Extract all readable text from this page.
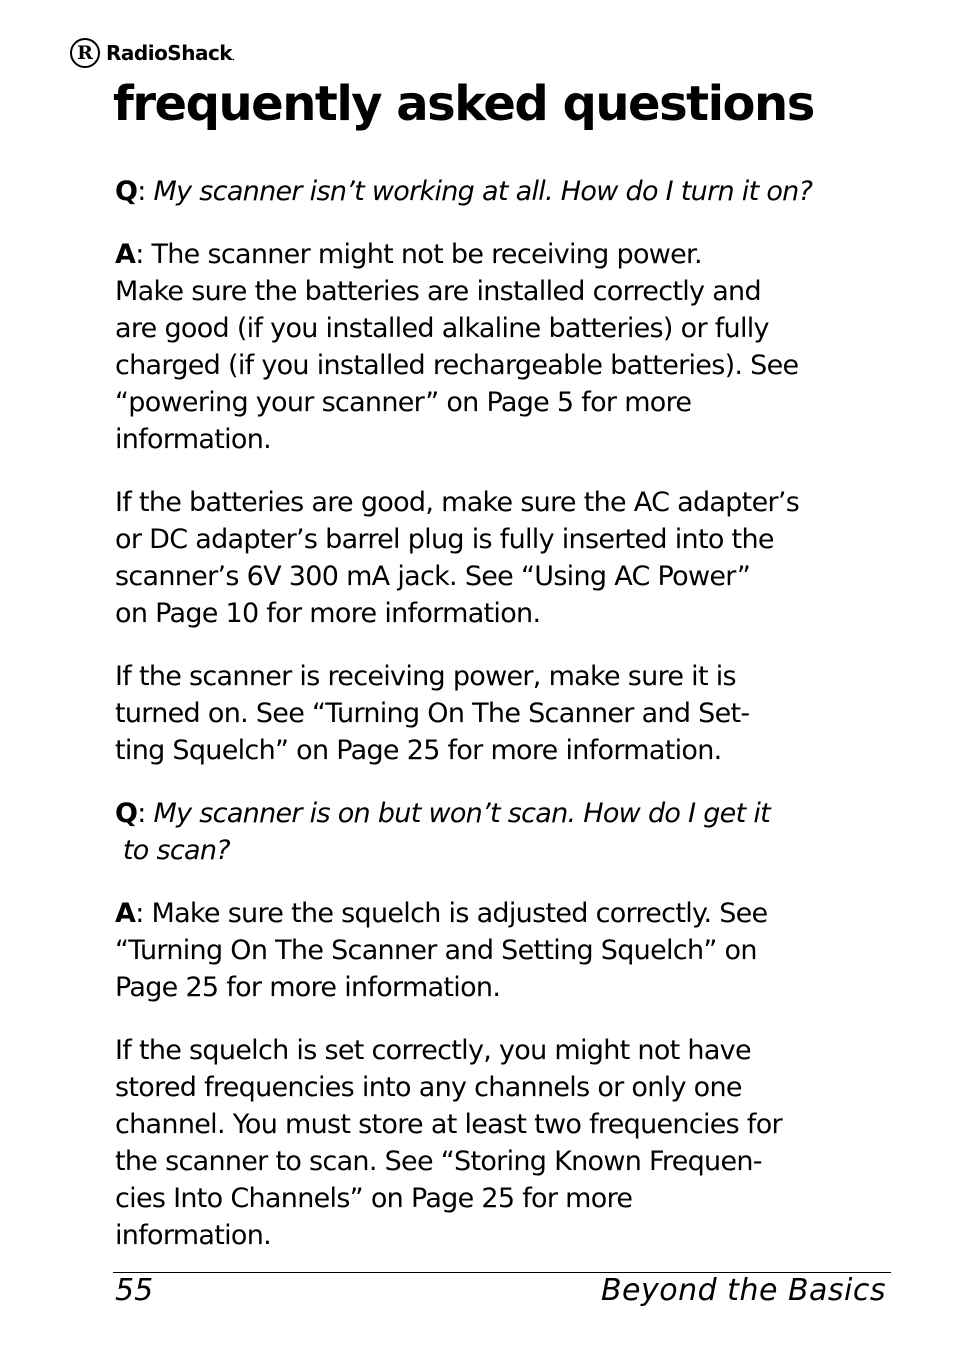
R RadioShack.
frequently asked questions

Q: My scanner isn’t working at all. How do I turn it on?

A: The scanner might not be receiving power.
Make sure the batteries are installed correctly and
are good (if you installed alkaline batteries) or fully
charged (if you installed rechargeable batteries). See
“powering your scanner” on Page 5 for more
information.

If the batteries are good, make sure the AC adapter’s
or DC adapter’s barrel plug is fully inserted into the
scanner’s 6V 300 mA jack. See “Using AC Power”
on Page 10 for more information.

If the scanner is receiving power, make sure it is
turned on. See “Turning On The Scanner and Set-
ting Squelch” on Page 25 for more information.

Q: My scanner is on but won’t scan. How do I get it
to scan?

A: Make sure the squelch is adjusted correctly. See
“Turning On The Scanner and Setting Squelch” on
Page 25 for more information.

If the squelch is set correctly, you might not have
stored frequencies into any channels or only one
channel. You must store at least two frequencies for
the scanner to scan. See “Storing Known Frequen-
cies Into Channels” on Page 25 for more
information.

55	Beyond the Basics
